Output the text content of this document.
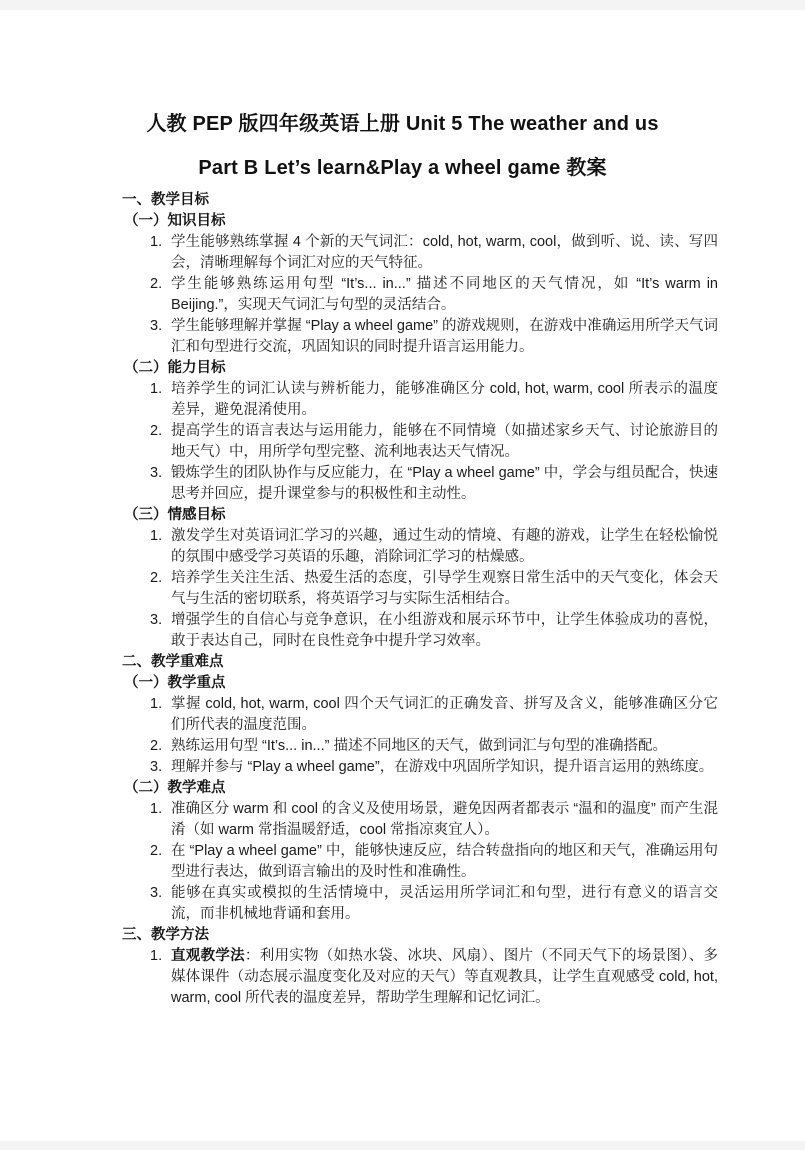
人教 PEP 版四年级英语上册 Unit 5 The weather and us
Part B Let’s learn&Play a wheel game 教案
一、教学目标
（一）知识目标
1. 学生能够熟练掌握 4 个新的天气词汇：cold, hot, warm, cool，做到听、说、读、写四会，清晰理解每个词汇对应的天气特征。
2. 学生能够熟练运用句型 “It’s... in...” 描述不同地区的天气情况，如 “It’s warm in Beijing.”，实现天气词汇与句型的灵活结合。
3. 学生能够理解并掌握 “Play a wheel game” 的游戏规则，在游戏中准确运用所学天气词汇和句型进行交流，巩固知识的同时提升语言运用能力。
（二）能力目标
1. 培养学生的词汇认读与辨析能力，能够准确区分 cold, hot, warm, cool 所表示的温度差异，避免混淆使用。
2. 提高学生的语言表达与运用能力，能够在不同情境（如描述家乡天气、讨论旅游目的地天气）中，用所学句型完整、流利地表达天气情况。
3. 锻炼学生的团队协作与反应能力，在 “Play a wheel game” 中，学会与组员配合，快速思考并回应，提升课堂参与的积极性和主动性。
（三）情感目标
1. 激发学生对英语词汇学习的兴趣，通过生动的情境、有趣的游戏，让学生在轻松愉悦的氛围中感受学习英语的乐趣，消除词汇学习的枯燥感。
2. 培养学生关注生活、热爱生活的态度，引导学生观察日常生活中的天气变化，体会天气与生活的密切联系，将英语学习与实际生活相结合。
3. 增强学生的自信心与竞争意识，在小组游戏和展示环节中，让学生体验成功的喜悦，敢于表达自己，同时在良性竞争中提升学习效率。
二、教学重难点
（一）教学重点
1. 掌握 cold, hot, warm, cool 四个天气词汇的正确发音、拼写及含义，能够准确区分它们所代表的温度范围。
2. 熟练运用句型 “It’s... in...” 描述不同地区的天气，做到词汇与句型的准确搭配。
3. 理解并参与 “Play a wheel game”，在游戏中巩固所学知识，提升语言运用的熟练度。
（二）教学难点
1. 准确区分 warm 和 cool 的含义及使用场景，避免因两者都表示 “温和的温度” 而产生混淆（如 warm 常指温暖舒适，cool 常指凉爽宜人）。
2. 在 “Play a wheel game” 中，能够快速反应，结合转盘指向的地区和天气，准确运用句型进行表达，做到语言输出的及时性和准确性。
3. 能够在真实或模拟的生活情境中，灵活运用所学词汇和句型，进行有意义的语言交流，而非机械地背诵和套用。
三、教学方法
1. 直观教学法：利用实物（如热水袋、冰块、风扇）、图片（不同天气下的场景图）、多媒体课件（动态展示温度变化及对应的天气）等直观教具，让学生直观感受 cold, hot, warm, cool 所代表的温度差异，帮助学生理解和记忆词汇。
